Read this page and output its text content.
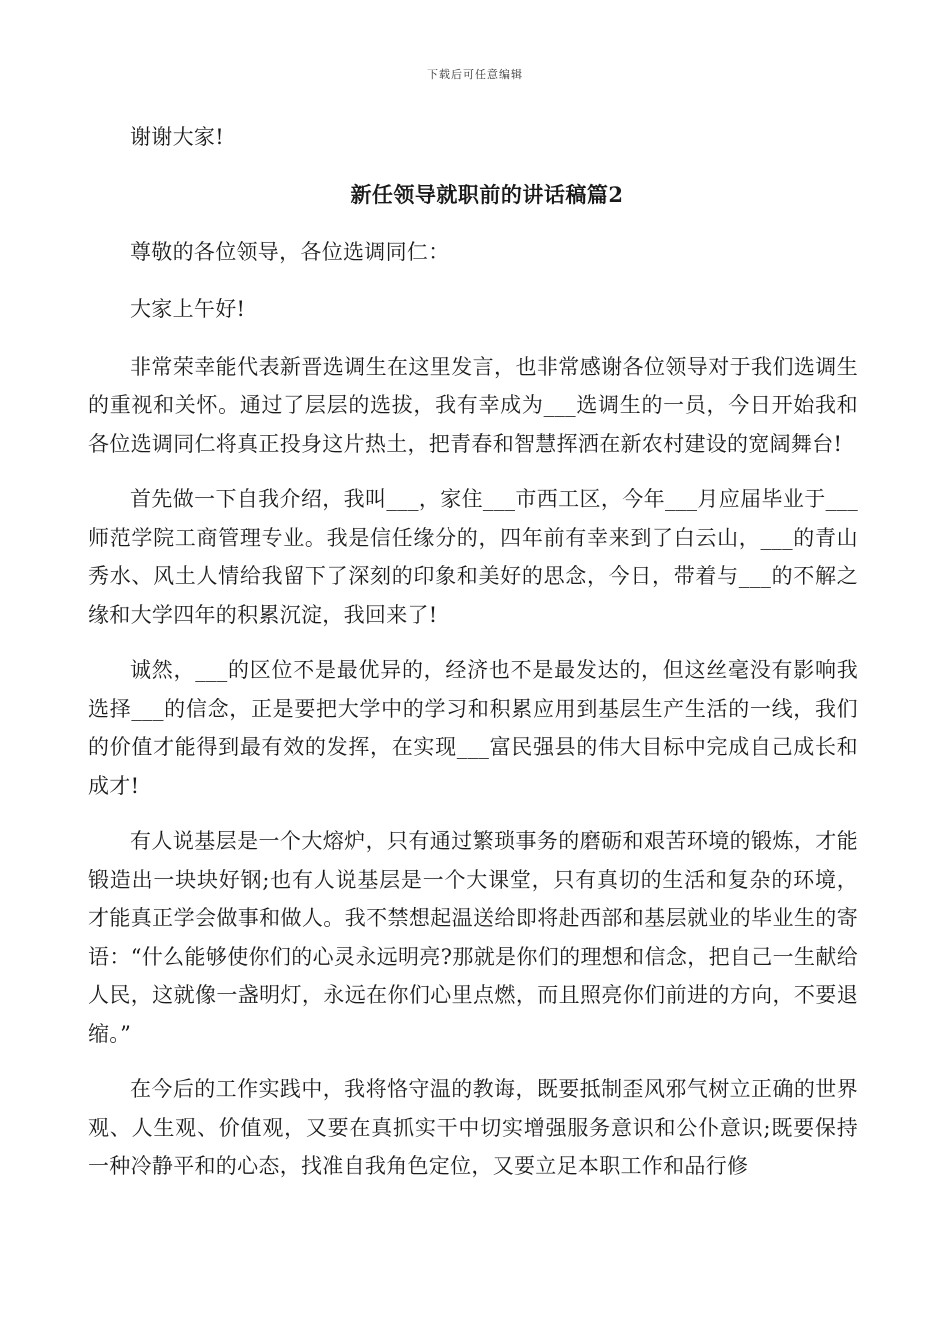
下载后可任意编辑

谢谢大家!

新任领导就职前的讲话稿篇2

尊敬的各位领导，各位选调同仁：

大家上午好!

非常荣幸能代表新晋选调生在这里发言，也非常感谢各位领导对于我们选调生的重视和关怀。通过了层层的选拔，我有幸成为___选调生的一员，今日开始我和各位选调同仁将真正投身这片热土，把青春和智慧挥洒在新农村建设的宽阔舞台!

首先做一下自我介绍，我叫___，家住___市西工区，今年___月应届毕业于___师范学院工商管理专业。我是信任缘分的，四年前有幸来到了白云山，___的青山秀水、风土人情给我留下了深刻的印象和美好的思念，今日，带着与___的不解之缘和大学四年的积累沉淀，我回来了!

诚然，___的区位不是最优异的，经济也不是最发达的，但这丝毫没有影响我选择___的信念，正是要把大学中的学习和积累应用到基层生产生活的一线，我们的价值才能得到最有效的发挥，在实现___富民强县的伟大目标中完成自己成长和成才!

有人说基层是一个大熔炉，只有通过繁琐事务的磨砺和艰苦环境的锻炼，才能锻造出一块块好钢;也有人说基层是一个大课堂，只有真切的生活和复杂的环境，才能真正学会做事和做人。我不禁想起温送给即将赴西部和基层就业的毕业生的寄语：“什么能够使你们的心灵永远明亮?那就是你们的理想和信念，把自己一生献给人民，这就像一盏明灯，永远在你们心里点燃，而且照亮你们前进的方向，不要退缩。”

在今后的工作实践中，我将恪守温的教诲，既要抵制歪风邪气树立正确的世界观、人生观、价值观，又要在真抓实干中切实增强服务意识和公仆意识;既要保持一种冷静平和的心态，找准自我角色定位，又要立足本职工作和品行修
